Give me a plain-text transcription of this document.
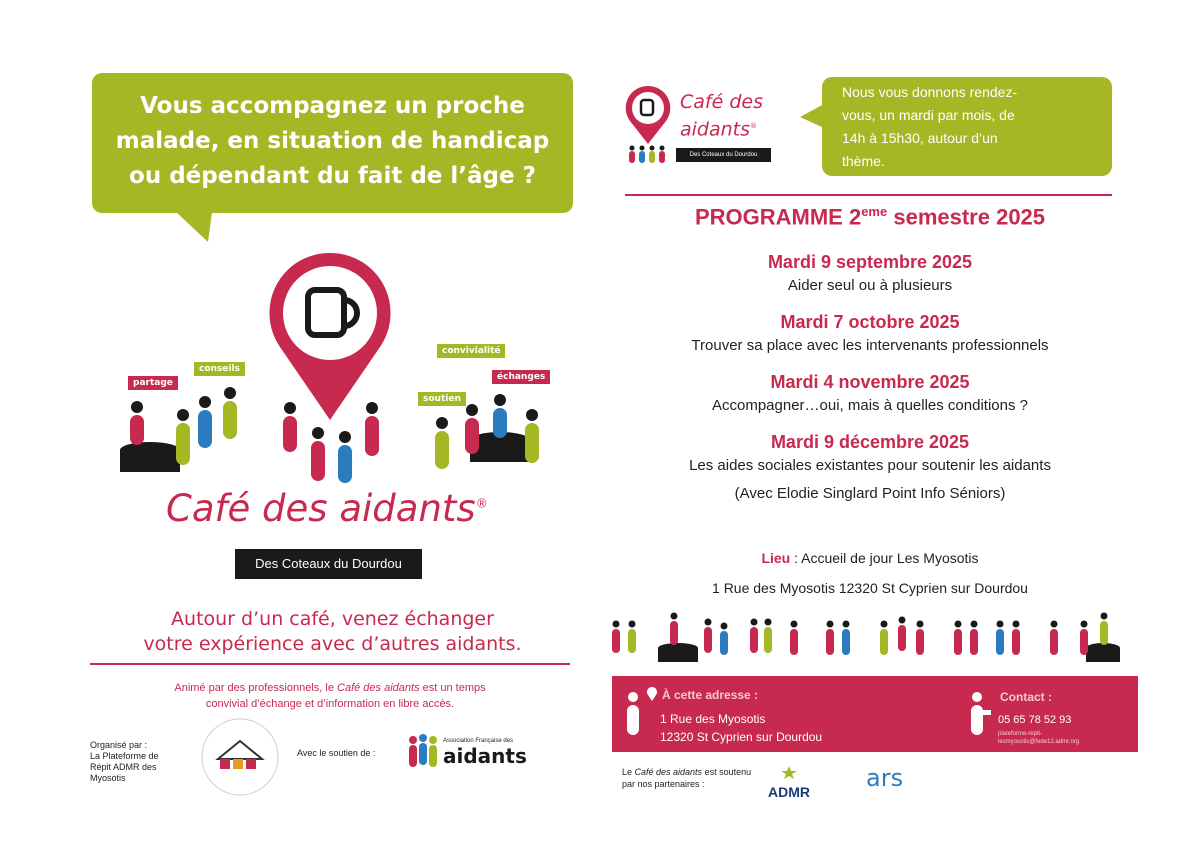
Vous accompagnez un proche
malade, en situation de handicap
ou dépendant du fait de l’âge ?
partage
conseils
convivialité
échanges
soutien
Café des aidants®
Des Coteaux du Dourdou
Autour d’un café, venez échanger
votre expérience avec d’autres aidants.
Animé par des professionnels, le Café des aidants est un temps
convivial d’échange et d’information en libre accès.
Organisé par :
La Plateforme de
Répit ADMR des
Myosotis
Avec le soutien de :
Association Française des
aidants
Café des
aidants®
Des Coteaux du Dourdou
Nous vous donnons rendez-
vous, un mardi par mois, de
14h à 15h30, autour d’un
thème.
PROGRAMME 2eme semestre 2025
Mardi 9 septembre 2025
Aider seul ou à plusieurs
Mardi 7 octobre 2025
Trouver sa place avec les intervenants professionnels
Mardi 4 novembre 2025
Accompagner…oui, mais à quelles conditions ?
Mardi 9 décembre 2025
Les aides sociales existantes pour soutenir les aidants
(Avec Elodie Singlard Point Info Séniors)
Lieu : Accueil de jour Les Myosotis
1 Rue des Myosotis 12320 St Cyprien sur Dourdou
À cette adresse :
1 Rue des Myosotis
12320 St Cyprien sur Dourdou
Contact :
05 65 78 52 93
plateforme-repit-
lesmyosotis@fede12.admr.org
Le Café des aidants est soutenu
par nos partenaires :	ADMR	ars
